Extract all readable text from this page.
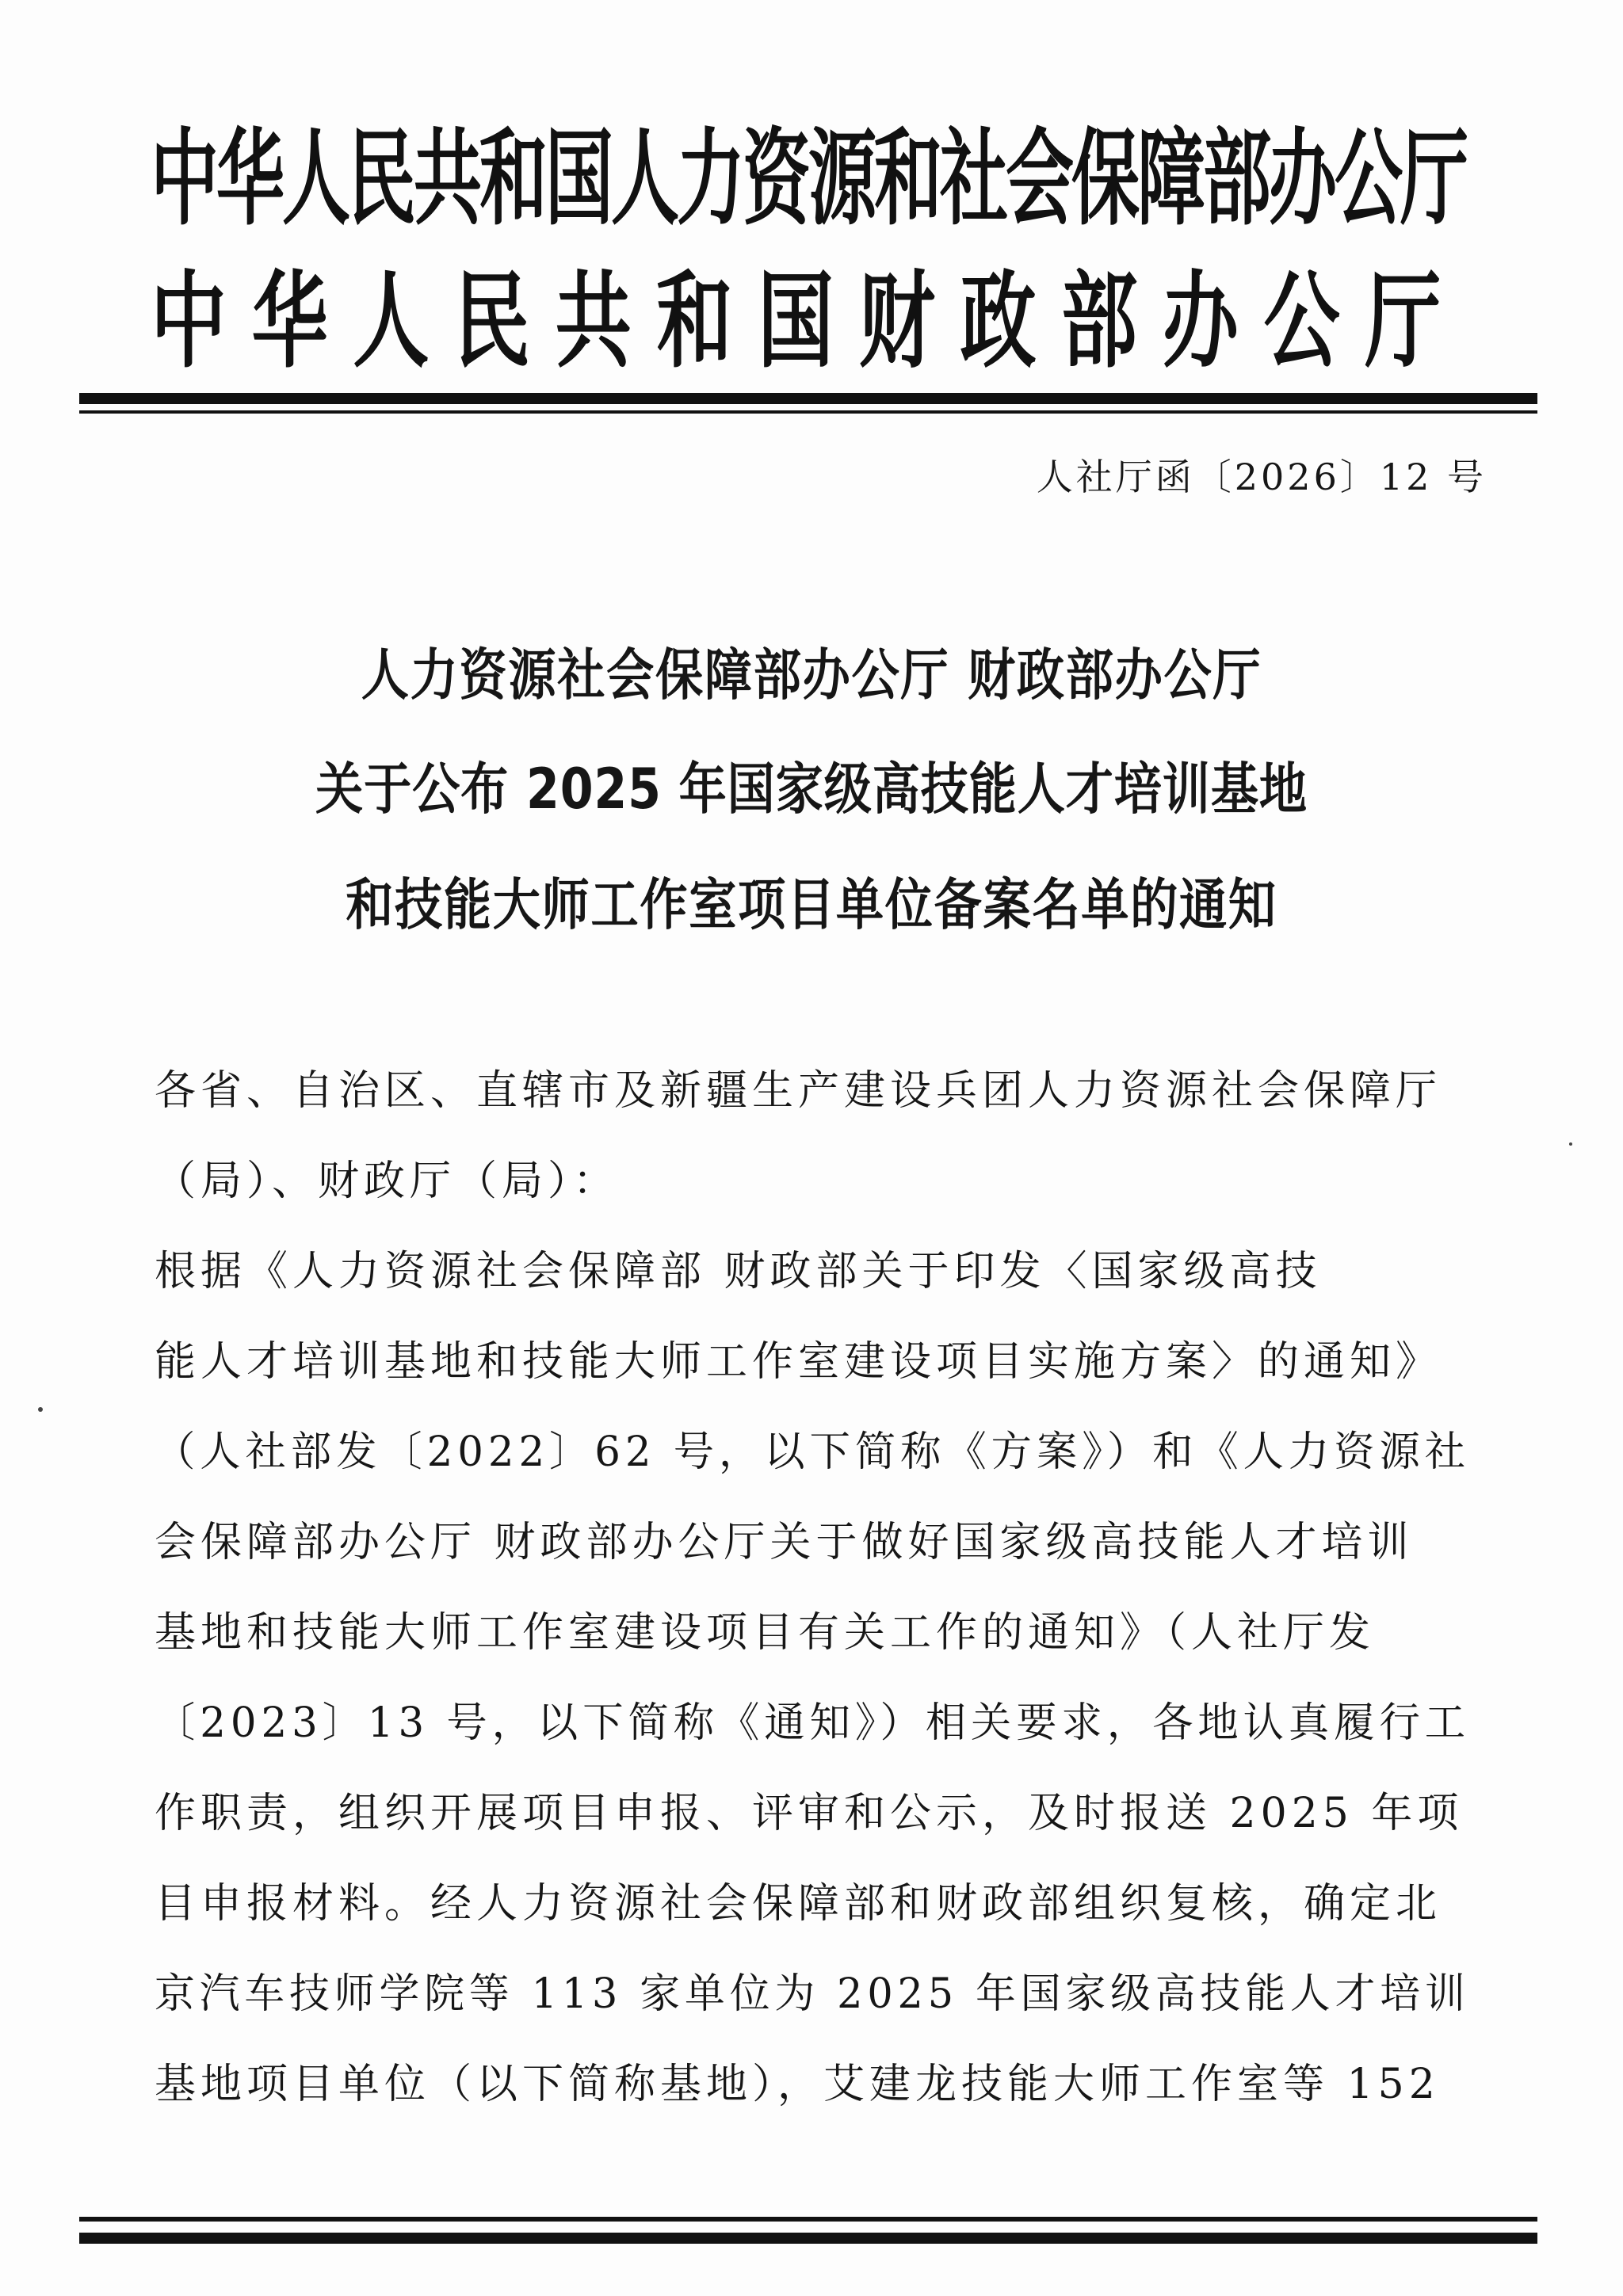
中华人民共和国人力资源和社会保障部办公厅
中华人民共和国财政部办公厅
人社厅函〔2026〕12 号
人力资源社会保障部办公厅 财政部办公厅
关于公布 2025 年国家级高技能人才培训基地
和技能大师工作室项目单位备案名单的通知
各省、自治区、直辖市及新疆生产建设兵团人力资源社会保障厅
（局）、财政厅（局）：
根据《人力资源社会保障部 财政部关于印发〈国家级高技
能人才培训基地和技能大师工作室建设项目实施方案〉的通知》
（人社部发〔2022〕62 号，以下简称《方案》）和《人力资源社
会保障部办公厅 财政部办公厅关于做好国家级高技能人才培训
基地和技能大师工作室建设项目有关工作的通知》（人社厅发
〔2023〕13 号，以下简称《通知》）相关要求，各地认真履行工
作职责，组织开展项目申报、评审和公示，及时报送 2025 年项
目申报材料。经人力资源社会保障部和财政部组织复核，确定北
京汽车技师学院等 113 家单位为 2025 年国家级高技能人才培训
基地项目单位（以下简称基地），艾建龙技能大师工作室等 152
